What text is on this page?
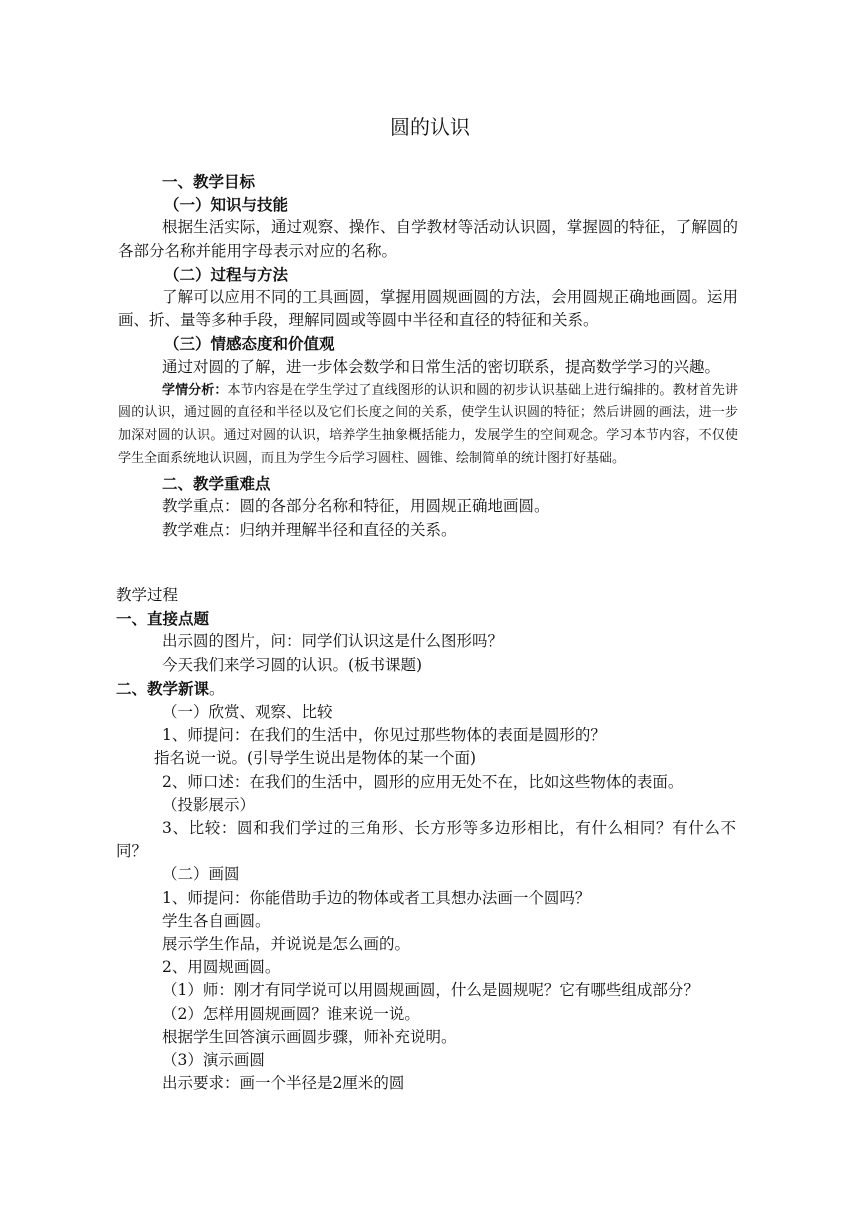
圆的认识

一、教学目标

（一）知识与技能

根据生活实际，通过观察、操作、自学教材等活动认识圆，掌握圆的特征，了解圆的各部分名称并能用字母表示对应的名称。

（二）过程与方法

了解可以应用不同的工具画圆，掌握用圆规画圆的方法，会用圆规正确地画圆。运用画、折、量等多种手段，理解同圆或等圆中半径和直径的特征和关系。

（三）情感态度和价值观

通过对圆的了解，进一步体会数学和日常生活的密切联系，提高数学学习的兴趣。

学情分析：本节内容是在学生学过了直线图形的认识和圆的初步认识基础上进行编排的。教材首先讲圆的认识，通过圆的直径和半径以及它们长度之间的关系，使学生认识圆的特征；然后讲圆的画法，进一步加深对圆的认识。通过对圆的认识，培养学生抽象概括能力，发展学生的空间观念。学习本节内容，不仅使学生全面系统地认识圆，而且为学生今后学习圆柱、圆锥、绘制简单的统计图打好基础。

二、教学重难点

教学重点：圆的各部分名称和特征，用圆规正确地画圆。

教学难点：归纳并理解半径和直径的关系。

教学过程

一、直接点题

出示圆的图片，问：同学们认识这是什么图形吗？

今天我们来学习圆的认识。(板书课题)

二、教学新课。

（一）欣赏、观察、比较

1、师提问：在我们的生活中，你见过那些物体的表面是圆形的？

指名说一说。(引导学生说出是物体的某一个面)

2、师口述：在我们的生活中，圆形的应用无处不在，比如这些物体的表面。

（投影展示）

3、比较：圆和我们学过的三角形、长方形等多边形相比，有什么相同？有什么不同？

（二）画圆

1、师提问：你能借助手边的物体或者工具想办法画一个圆吗？

学生各自画圆。

展示学生作品，并说说是怎么画的。

2、用圆规画圆。

（1）师：刚才有同学说可以用圆规画圆，什么是圆规呢？它有哪些组成部分？

（2）怎样用圆规画圆？谁来说一说。

根据学生回答演示画圆步骤，师补充说明。

（3）演示画圆

出示要求：画一个半径是2厘米的圆
